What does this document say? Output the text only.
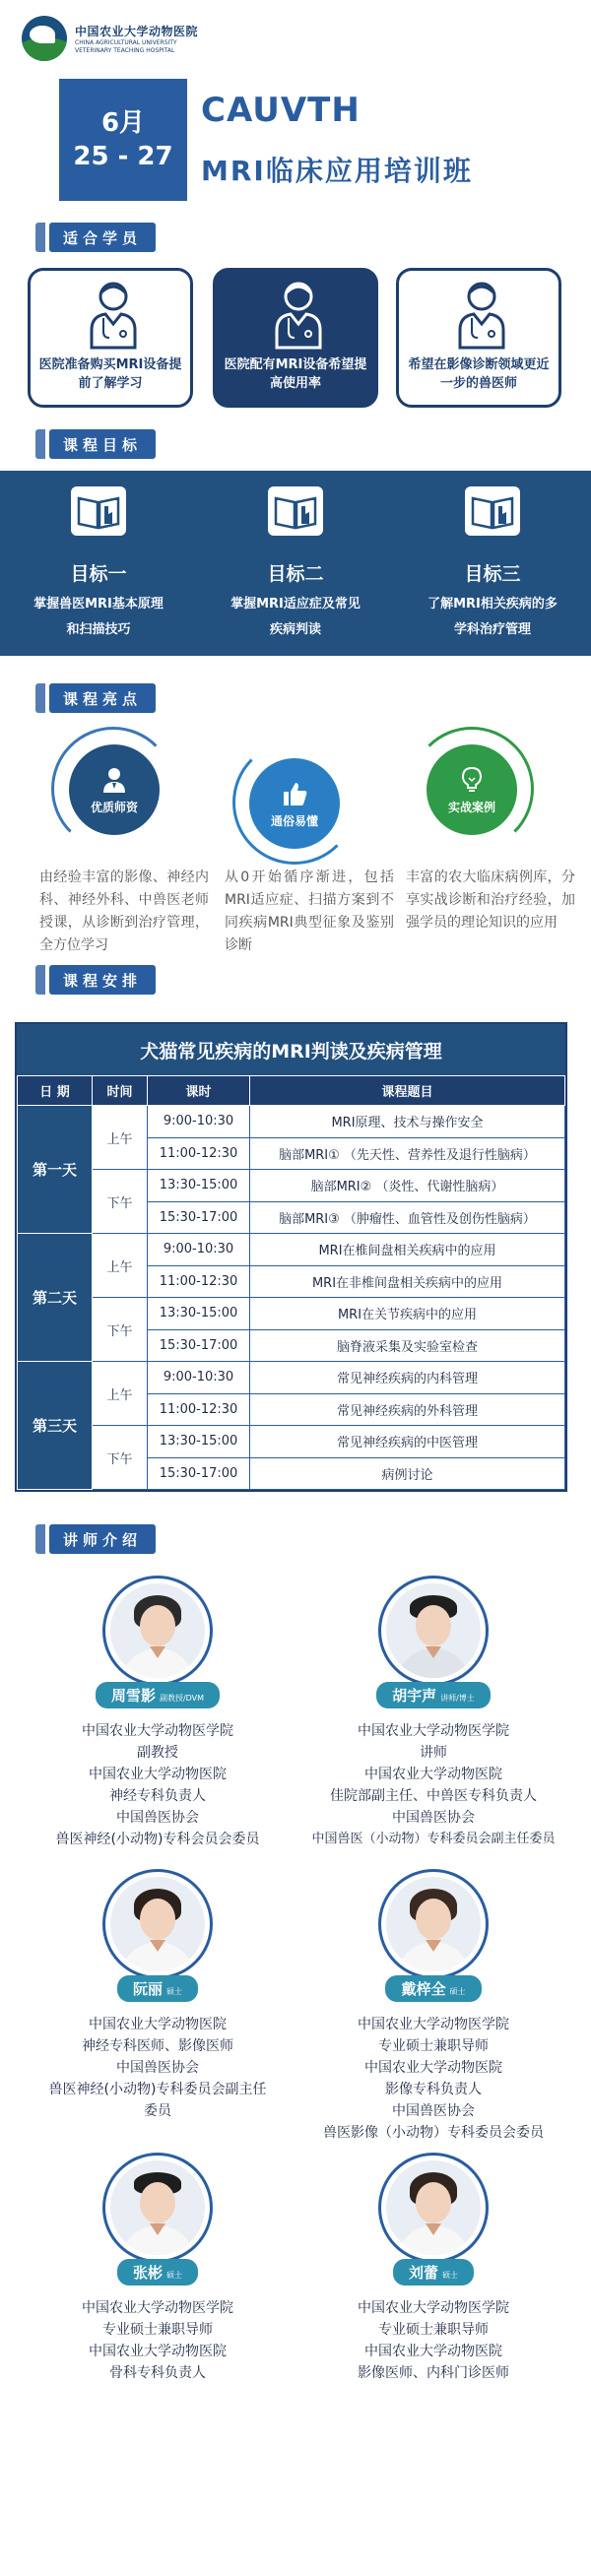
中国农业大学动物医院
CHINA AGRICULTURAL UNIVERSITY
VETERINARY TEACHING HOSPITAL
6月
25 - 27
CAUVTH
MRI临床应用培训班
适合学员
医院准备购买MRI设备提前了解学习
医院配有MRI设备希望提高使用率
希望在影像诊断领域更近一步的兽医师
课程目标
目标一
掌握兽医MRI基本原理
和扫描技巧
目标二
掌握MRI适应症及常见
疾病判读
目标三
了解MRI相关疾病的多
学科治疗管理
课程亮点
优质师资
由经验丰富的影像、神经内科、神经外科、中兽医老师授课，从诊断到治疗管理，全方位学习
通俗易懂
从0开始循序渐进，包括MRI适应症、扫描方案到不同疾病MRI典型征象及鉴别诊断
实战案例
丰富的农大临床病例库，分享实战诊断和治疗经验，加强学员的理论知识的应用
课程安排
犬猫常见疾病的MRI判读及疾病管理
日 期	时间	课时	课程题目
第一天	上午	9:00-10:30	MRI原理、技术与操作安全
		11:00-12:30	脑部MRI① （先天性、营养性及退行性脑病）
	下午	13:30-15:00	脑部MRI② （炎性、代谢性脑病）
		15:30-17:00	脑部MRI③ （肿瘤性、血管性及创伤性脑病）
第二天	上午	9:00-10:30	MRI在椎间盘相关疾病中的应用
		11:00-12:30	MRI在非椎间盘相关疾病中的应用
	下午	13:30-15:00	MRI在关节疾病中的应用
		15:30-17:00	脑脊液采集及实验室检查
第三天	上午	9:00-10:30	常见神经疾病的内科管理
		11:00-12:30	常见神经疾病的外科管理
	下午	13:30-15:00	常见神经疾病的中医管理
		15:30-17:00	病例讨论
讲师介绍
周雪影 副教授/DVM
中国农业大学动物医学院
副教授
中国农业大学动物医院
神经专科负责人
中国兽医协会
兽医神经(小动物)专科会员会委员
胡宇声 讲师/博士
中国农业大学动物医学院
讲师
中国农业大学动物医院
佳院部副主任、中兽医专科负责人
中国兽医协会
中国兽医（小动物）专科委员会副主任委员
阮丽 硕士
中国农业大学动物医院
神经专科医师、影像医师
中国兽医协会
兽医神经(小动物)专科委员会副主任
委员
戴梓全 硕士
中国农业大学动物医学院
专业硕士兼职导师
中国农业大学动物医院
影像专科负责人
中国兽医协会
兽医影像（小动物）专科委员会委员
张彬 硕士
中国农业大学动物医学院
专业硕士兼职导师
中国农业大学动物医院
骨科专科负责人
刘蕾 硕士
中国农业大学动物医学院
专业硕士兼职导师
中国农业大学动物医院
影像医师、内科门诊医师
